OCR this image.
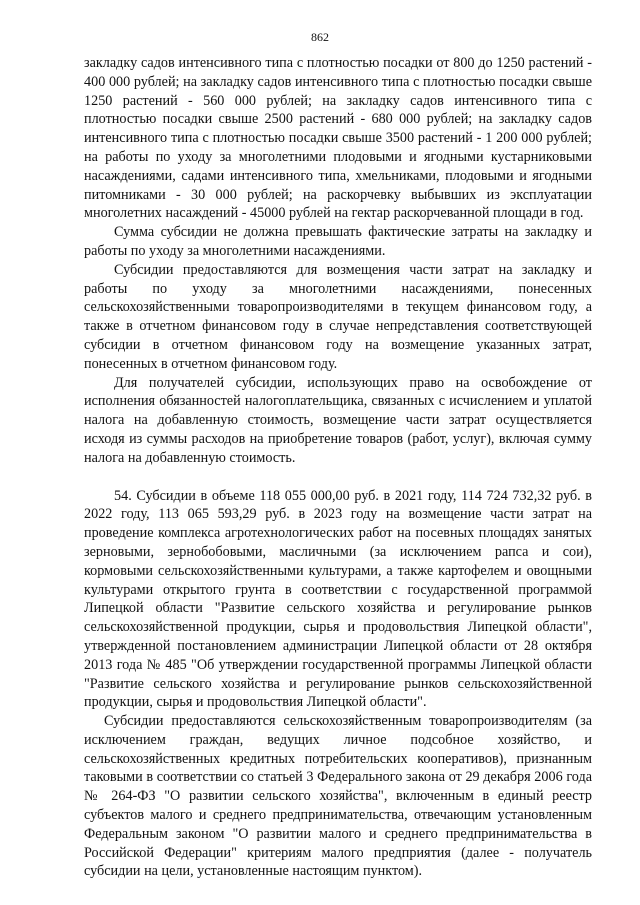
862

закладку садов интенсивного типа с плотностью посадки от 800 до 1250 растений - 400 000 рублей; на закладку садов интенсивного типа с плотностью посадки свыше 1250 растений - 560 000 рублей; на закладку садов интенсивного типа с плотностью посадки свыше 2500 растений - 680 000 рублей; на закладку садов интенсивного типа с плотностью посадки свыше 3500 растений - 1 200 000 рублей; на работы по уходу за многолетними плодовыми и ягодными кустарниковыми насаждениями, садами интенсивного типа, хмельниками, плодовыми и ягодными питомниками - 30 000 рублей; на раскорчевку выбывших из эксплуатации многолетних насаждений - 45000 рублей на гектар раскорчеванной площади в год.

Сумма субсидии не должна превышать фактические затраты на закладку и работы по уходу за многолетними насаждениями.

Субсидии предоставляются для возмещения части затрат на закладку и работы по уходу за многолетними насаждениями, понесенных сельскохозяйственными товаропроизводителями в текущем финансовом году, а также в отчетном финансовом году в случае непредставления соответствующей субсидии в отчетном финансовом году на возмещение указанных затрат, понесенных в отчетном финансовом году.

Для получателей субсидии, использующих право на освобождение от исполнения обязанностей налогоплательщика, связанных с исчислением и уплатой налога на добавленную стоимость, возмещение части затрат осуществляется исходя из суммы расходов на приобретение товаров (работ, услуг), включая сумму налога на добавленную стоимость.

54. Субсидии в объеме 118 055 000,00 руб. в 2021 году, 114 724 732,32 руб. в 2022 году, 113 065 593,29 руб. в 2023 году на возмещение части затрат на проведение комплекса агротехнологических работ на посевных площадях занятых зерновыми, зернобобовыми, масличными (за исключением рапса и сои), кормовыми сельскохозяйственными культурами, а также картофелем и овощными культурами открытого грунта в соответствии с государственной программой Липецкой области "Развитие сельского хозяйства и регулирование рынков сельскохозяйственной продукции, сырья и продовольствия Липецкой области", утвержденной постановлением администрации Липецкой области от 28 октября 2013 года № 485 "Об утверждении государственной программы Липецкой области "Развитие сельского хозяйства и регулирование рынков сельскохозяйственной продукции, сырья и продовольствия Липецкой области".

Субсидии предоставляются сельскохозяйственным товаропроизводителям (за исключением граждан, ведущих личное подсобное хозяйство, и сельскохозяйственных кредитных потребительских кооперативов), признанным таковыми в соответствии со статьей 3 Федерального закона от 29 декабря 2006 года № 264-ФЗ "О развитии сельского хозяйства", включенным в единый реестр субъектов малого и среднего предпринимательства, отвечающим установленным Федеральным законом "О развитии малого и среднего предпринимательства в Российской Федерации" критериям малого предприятия (далее - получатель субсидии на цели, установленные настоящим пунктом).
